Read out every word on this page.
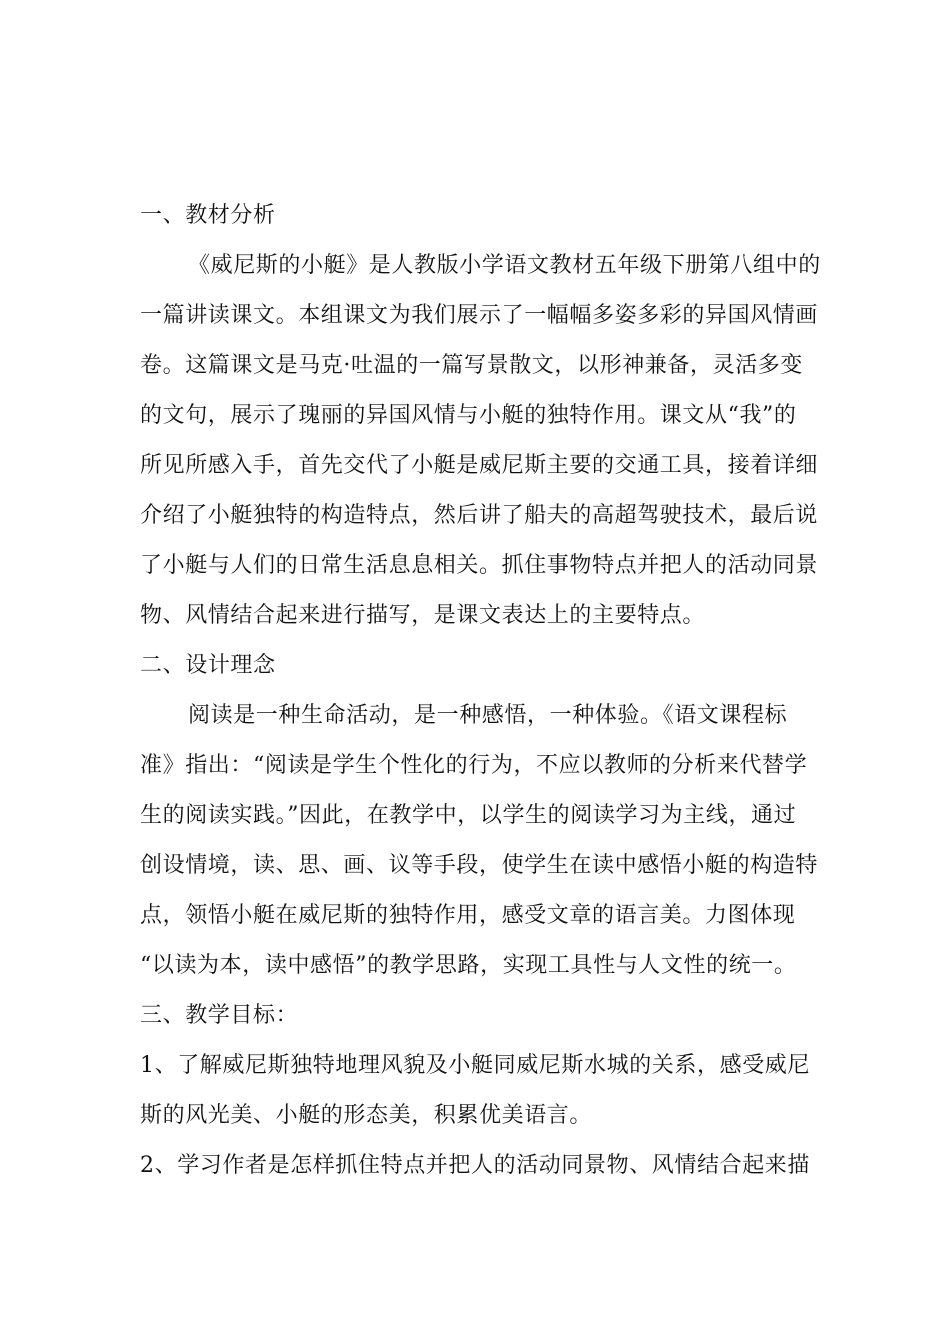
一、教材分析
《威尼斯的小艇》是人教版小学语文教材五年级下册第八组中的
一篇讲读课文。本组课文为我们展示了一幅幅多姿多彩的异国风情画
卷。这篇课文是马克·吐温的一篇写景散文，以形神兼备，灵活多变
的文句，展示了瑰丽的异国风情与小艇的独特作用。课文从“我”的
所见所感入手，首先交代了小艇是威尼斯主要的交通工具，接着详细
介绍了小艇独特的构造特点，然后讲了船夫的高超驾驶技术，最后说
了小艇与人们的日常生活息息相关。抓住事物特点并把人的活动同景
物、风情结合起来进行描写，是课文表达上的主要特点。
二、设计理念
阅读是一种生命活动，是一种感悟，一种体验。《语文课程标
准》指出：“阅读是学生个性化的行为，不应以教师的分析来代替学
生的阅读实践。”因此，在教学中，以学生的阅读学习为主线，通过
创设情境，读、思、画、议等手段，使学生在读中感悟小艇的构造特
点，领悟小艇在威尼斯的独特作用，感受文章的语言美。力图体现
“以读为本，读中感悟”的教学思路，实现工具性与人文性的统一。
三、教学目标：
1、了解威尼斯独特地理风貌及小艇同威尼斯水城的关系，感受威尼
斯的风光美、小艇的形态美，积累优美语言。
2、学习作者是怎样抓住特点并把人的活动同景物、风情结合起来描
